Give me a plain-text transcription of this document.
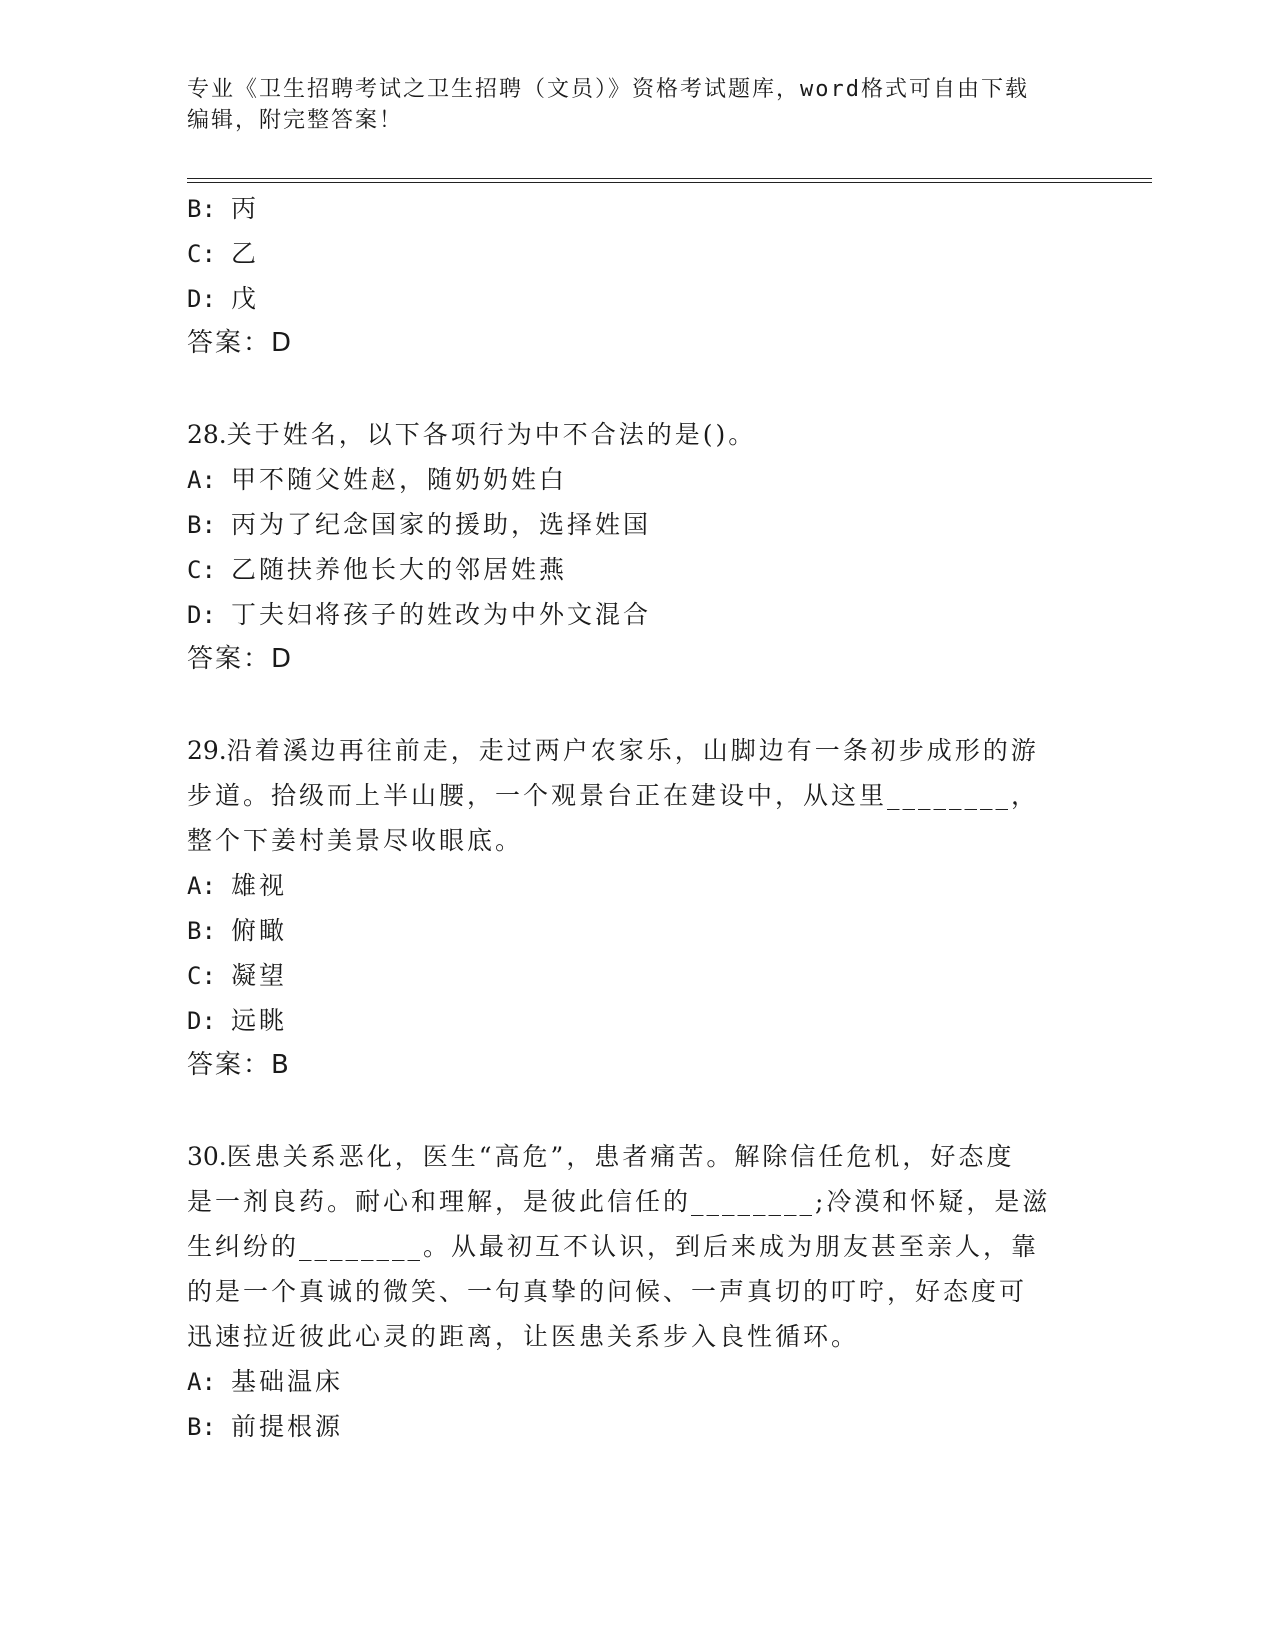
专业《卫生招聘考试之卫生招聘（文员）》资格考试题库，word格式可自由下载
编辑，附完整答案！
B: 丙
C: 乙
D: 戊
答案：D
28.关于姓名，以下各项行为中不合法的是()。
A: 甲不随父姓赵，随奶奶姓白
B: 丙为了纪念国家的援助，选择姓国
C: 乙随扶养他长大的邻居姓燕
D: 丁夫妇将孩子的姓改为中外文混合
答案：D
29.沿着溪边再往前走，走过两户农家乐，山脚边有一条初步成形的游
步道。拾级而上半山腰，一个观景台正在建设中，从这里________，
整个下姜村美景尽收眼底。
A: 雄视
B: 俯瞰
C: 凝望
D: 远眺
答案：B
30.医患关系恶化，医生“高危”，患者痛苦。解除信任危机，好态度
是一剂良药。耐心和理解，是彼此信任的________;冷漠和怀疑，是滋
生纠纷的________。从最初互不认识，到后来成为朋友甚至亲人，靠
的是一个真诚的微笑、一句真挚的问候、一声真切的叮咛，好态度可
迅速拉近彼此心灵的距离，让医患关系步入良性循环。
A: 基础温床
B: 前提根源
